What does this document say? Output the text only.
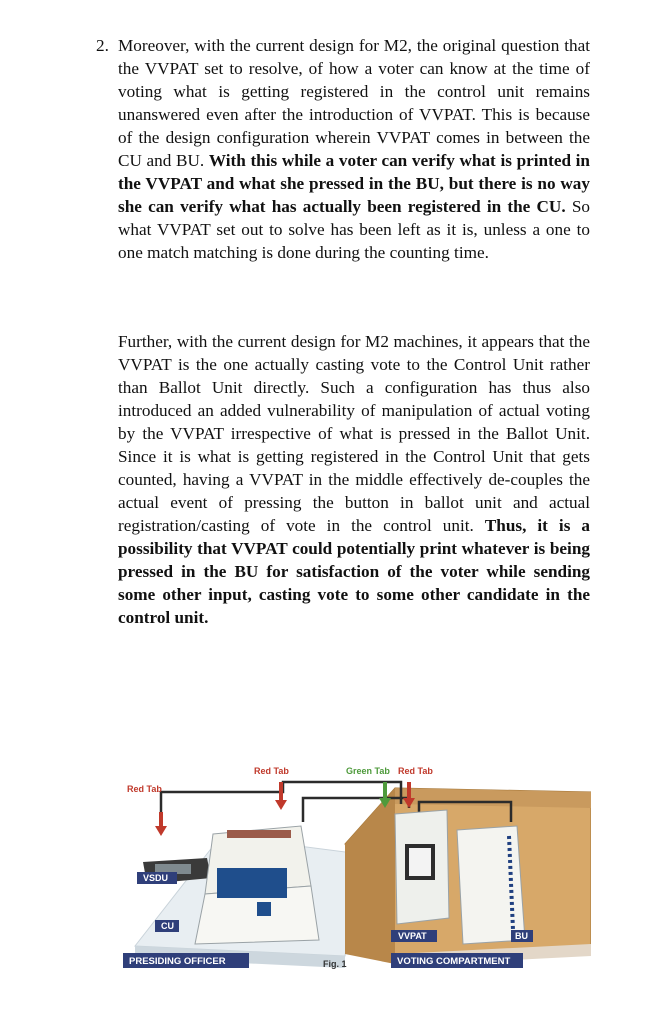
2. Moreover, with the current design for M2, the original question that the VVPAT set to resolve, of how a voter can know at the time of voting what is getting registered in the control unit remains unanswered even after the introduction of VVPAT. This is because of the design configuration wherein VVPAT comes in between the CU and BU. With this while a voter can verify what is printed in the VVPAT and what she pressed in the BU, but there is no way she can verify what has actually been registered in the CU. So what VVPAT set out to solve has been left as it is, unless a one to one match matching is done during the counting time.
Further, with the current design for M2 machines, it appears that the VVPAT is the one actually casting vote to the Control Unit rather than Ballot Unit directly. Such a configuration has thus also introduced an added vulnerability of manipulation of actual voting by the VVPAT irrespective of what is pressed in the Ballot Unit. Since it is what is getting registered in the Control Unit that gets counted, having a VVPAT in the middle effectively de-couples the actual event of pressing the button in ballot unit and actual registration/casting of vote in the control unit. Thus, it is a possibility that VVPAT could potentially print whatever is being pressed in the BU for satisfaction of the voter while sending some other input, casting vote to some other candidate in the control unit.
Red Tab
Red Tab	Green Tab Red Tab
VSDU
CU
VVPAT	BU
PRESIDING OFFICER	VOTING COMPARTMENT
Fig. 1
